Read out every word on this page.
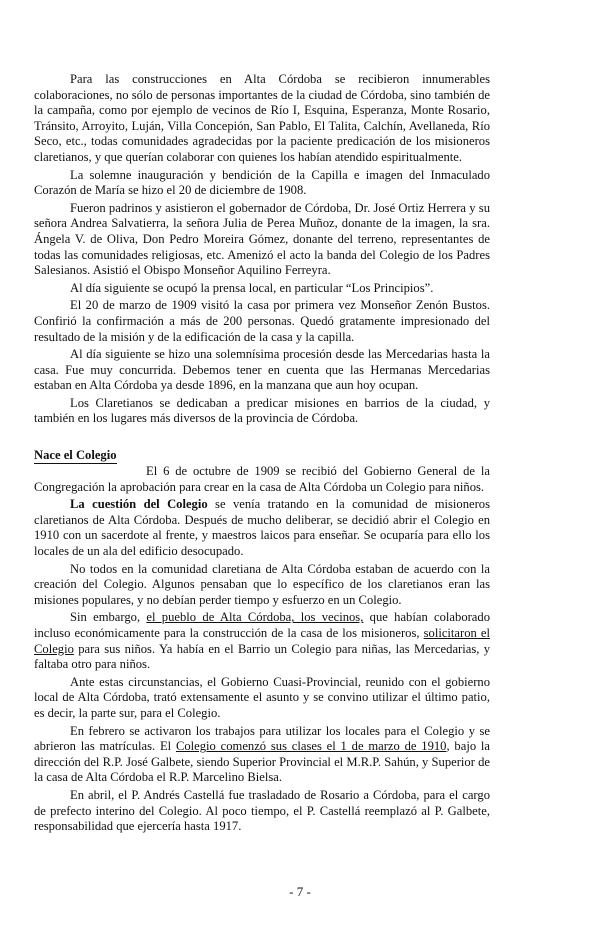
Para las construcciones en Alta Córdoba se recibieron innumerables colaboraciones, no sólo de personas importantes de la ciudad de Córdoba, sino también de la campaña, como por ejemplo de vecinos de Río I, Esquina, Esperanza, Monte Rosario, Tránsito, Arroyito, Luján, Villa Concepión, San Pablo, El Talita, Calchín, Avellaneda, Río Seco, etc., todas comunidades agradecidas por la paciente predicación de los misioneros claretianos, y que querían colaborar con quienes los habían atendido espiritualmente.

La solemne inauguración y bendición de la Capilla e imagen del Inmaculado Corazón de María se hizo el 20 de diciembre de 1908.

Fueron padrinos y asistieron el gobernador de Córdoba, Dr. José Ortiz Herrera y su señora Andrea Salvatierra, la señora Julia de Perea Muñoz, donante de la imagen, la sra. Ángela V. de Oliva, Don Pedro Moreira Gómez, donante del terreno, representantes de todas las comunidades religiosas, etc. Amenizó el acto la banda del Colegio de los Padres Salesianos. Asistió el Obispo Monseñor Aquilino Ferreyra.

Al día siguiente se ocupó la prensa local, en particular “Los Principios”.

El 20 de marzo de 1909 visitó la casa por primera vez Monseñor Zenón Bustos. Confirió la confirmación a más de 200 personas. Quedó gratamente impresionado del resultado de la misión y de la edificación de la casa y la capilla.

Al día siguiente se hizo una solemnísima procesión desde las Mercedarias hasta la casa. Fue muy concurrida. Debemos tener en cuenta que las Hermanas Mercedarias estaban en Alta Córdoba ya desde 1896, en la manzana que aun hoy ocupan.

Los Claretianos se dedicaban a predicar misiones en barrios de la ciudad, y también en los lugares más diversos de la provincia de Córdoba.

Nace el Colegio

El 6 de octubre de 1909 se recibió del Gobierno General de la Congregación la aprobación para crear en la casa de Alta Córdoba un Colegio para niños.

La cuestión del Colegio se venía tratando en la comunidad de misioneros claretianos de Alta Córdoba. Después de mucho deliberar, se decidió abrir el Colegio en 1910 con un sacerdote al frente, y maestros laicos para enseñar. Se ocuparía para ello los locales de un ala del edificio desocupado.

No todos en la comunidad claretiana de Alta Córdoba estaban de acuerdo con la creación del Colegio. Algunos pensaban que lo específico de los claretianos eran las misiones populares, y no debían perder tiempo y esfuerzo en un Colegio.

Sin embargo, el pueblo de Alta Córdoba, los vecinos, que habían colaborado incluso económicamente para la construcción de la casa de los misioneros, solicitaron el Colegio para sus niños. Ya había en el Barrio un Colegio para niñas, las Mercedarias, y faltaba otro para niños.

Ante estas circunstancias, el Gobierno Cuasi-Provincial, reunido con el gobierno local de Alta Córdoba, trató extensamente el asunto y se convino utilizar el último patio, es decir, la parte sur, para el Colegio.

En febrero se activaron los trabajos para utilizar los locales para el Colegio y se abrieron las matrículas. El Colegio comenzó sus clases el 1 de marzo de 1910, bajo la dirección del R.P. José Galbete, siendo Superior Provincial el M.R.P. Sahún, y Superior de la casa de Alta Córdoba el R.P. Marcelino Bielsa.

En abril, el P. Andrés Castellá fue trasladado de Rosario a Córdoba, para el cargo de prefecto interino del Colegio. Al poco tiempo, el P. Castellá reemplazó al P. Galbete, responsabilidad que ejercería hasta 1917.

- 7 -
